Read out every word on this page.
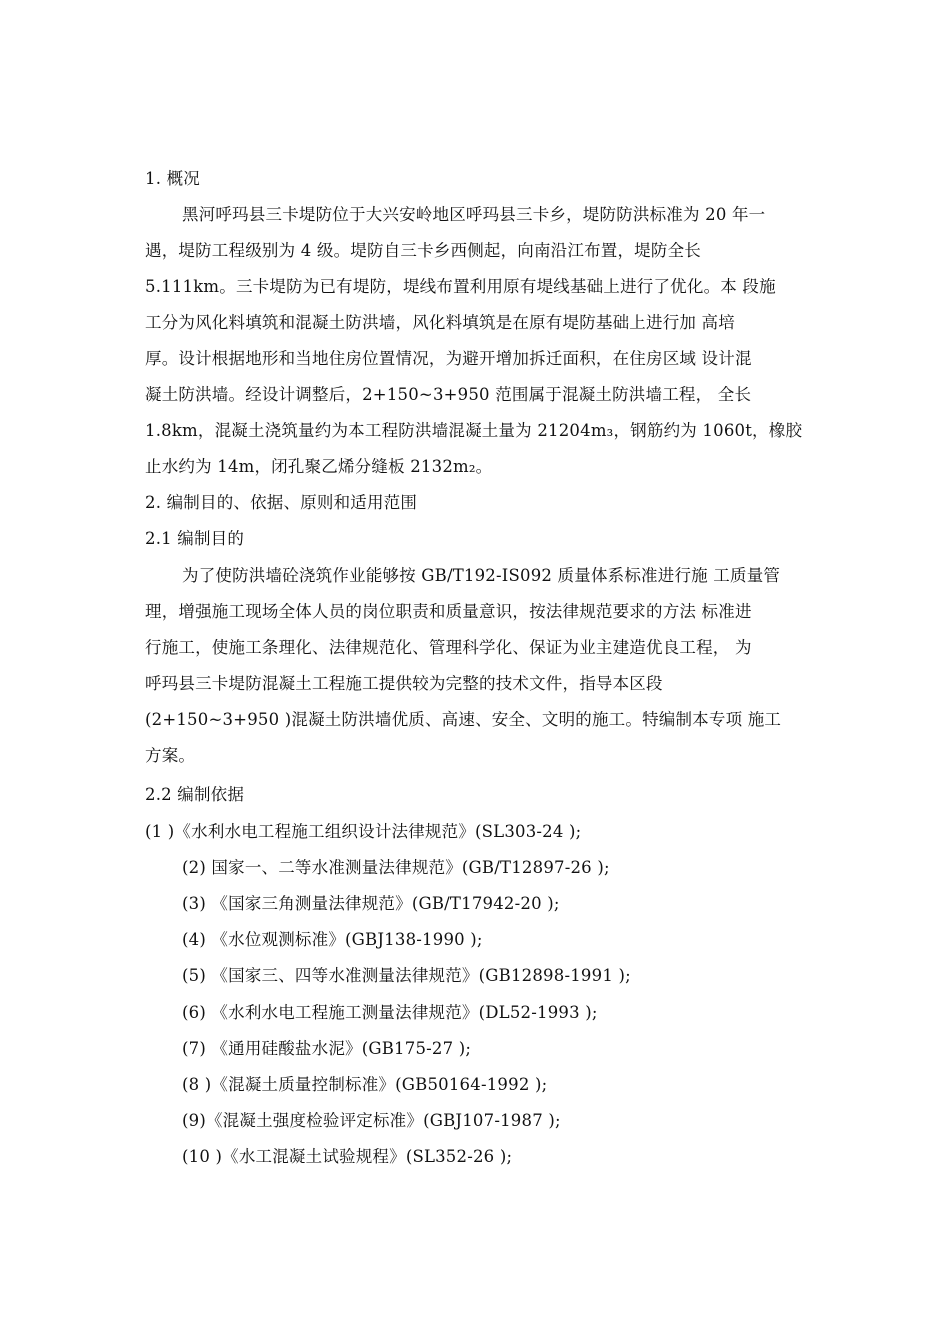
1. 概况
黑河呼玛县三卡堤防位于大兴安岭地区呼玛县三卡乡，堤防防洪标准为 20 年一
遇，堤防工程级别为 4 级。堤防自三卡乡西侧起，向南沿江布置，堤防全长
5.111km。三卡堤防为已有堤防，堤线布置利用原有堤线基础上进行了优化。本 段施
工分为风化料填筑和混凝土防洪墙，风化料填筑是在原有堤防基础上进行加 高培
厚。设计根据地形和当地住房位置情况，为避开增加拆迁面积，在住房区域 设计混
凝土防洪墙。经设计调整后，2+150~3+950 范围属于混凝土防洪墙工程， 全长
1.8km，混凝土浇筑量约为本工程防洪墙混凝土量为 21204m₃，钢筋约为 1060t，橡胶
止水约为 14m，闭孔聚乙烯分缝板 2132m₂。
2. 编制目的、依据、原则和适用范围
2.1 编制目的
为了使防洪墙砼浇筑作业能够按 GB/T192-IS092 质量体系标准进行施 工质量管
理，增强施工现场全体人员的岗位职责和质量意识，按法律规范要求的方法 标准进
行施工，使施工条理化、法律规范化、管理科学化、保证为业主建造优良工程， 为
呼玛县三卡堤防混凝土工程施工提供较为完整的技术文件，指导本区段
(2+150~3+950 )混凝土防洪墙优质、高速、安全、文明的施工。特编制本专项 施工
方案。
2.2 编制依据
(1 )《水利水电工程施工组织设计法律规范》(SL303-24 );
(2) 国家一、二等水准测量法律规范》(GB/T12897-26 );
(3) 《国家三角测量法律规范》(GB/T17942-20 );
(4) 《水位观测标准》(GBJ138-1990 );
(5) 《国家三、四等水准测量法律规范》(GB12898-1991 );
(6) 《水利水电工程施工测量法律规范》(DL52-1993 );
(7) 《通用硅酸盐水泥》(GB175-27 );
(8 )《混凝土质量控制标准》(GB50164-1992 );
(9)《混凝土强度检验评定标准》(GBJ107-1987 );
(10 )《水工混凝土试验规程》(SL352-26 );
